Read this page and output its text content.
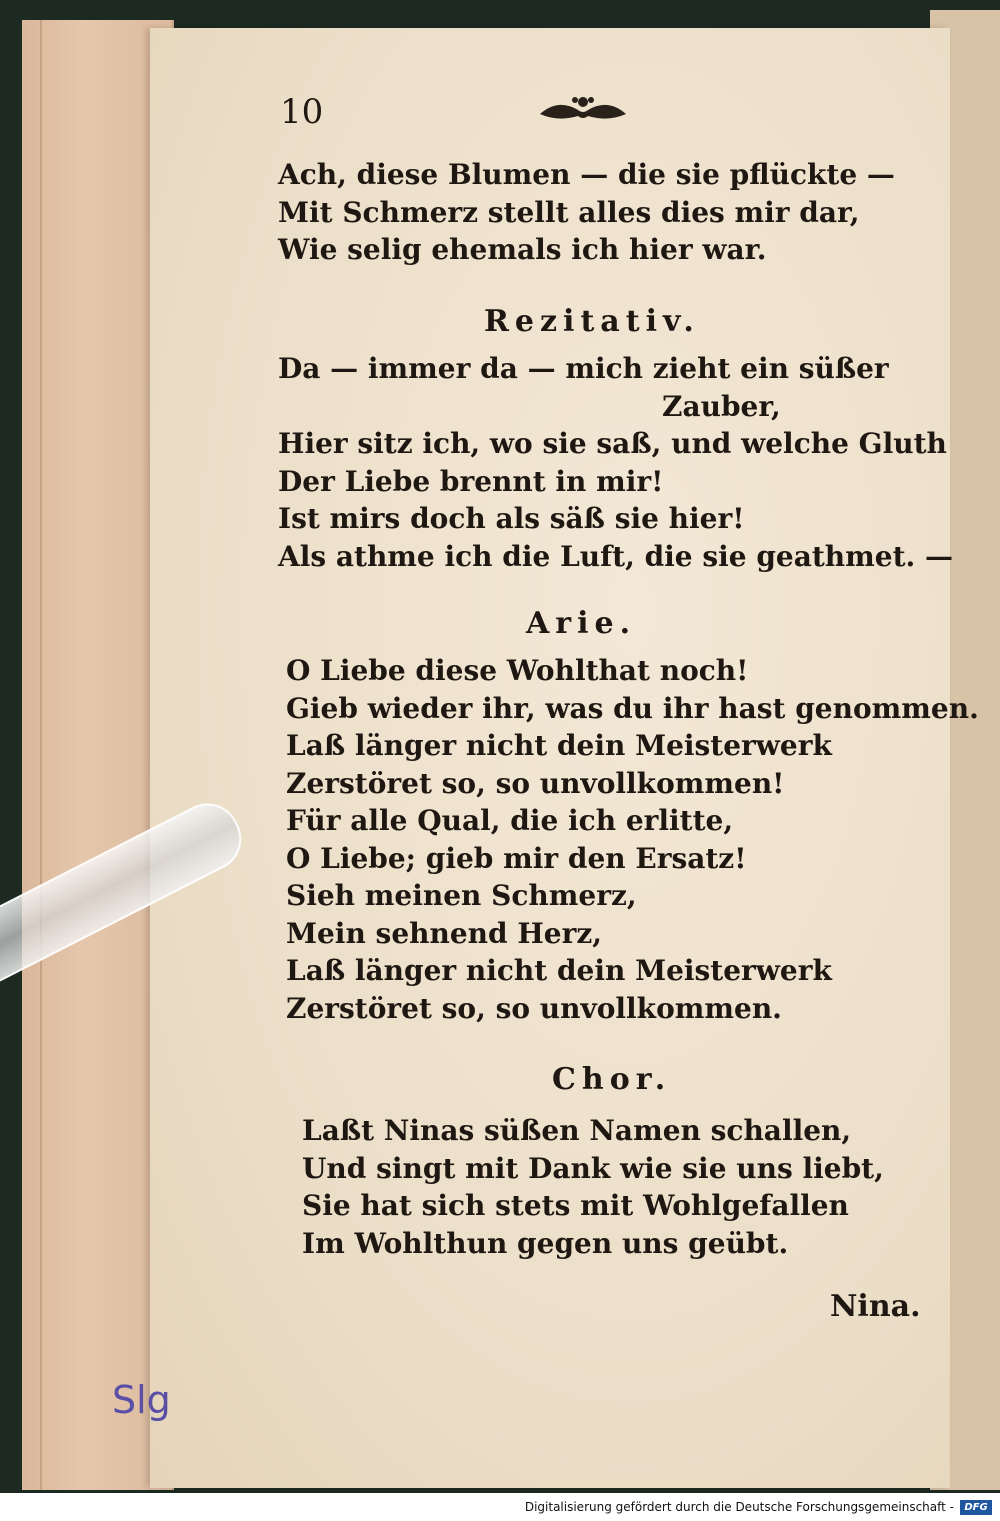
10

Ach, diese Blumen — die sie pflückte —
Mit Schmerz stellt alles dies mir dar,
Wie selig ehemals ich hier war.

Rezitativ.

Da — immer da — mich zieht ein süßer
Zauber,
Hier sitz ich, wo sie saß, und welche Gluth
Der Liebe brennt in mir!
Ist mirs doch als säß sie hier!
Als athme ich die Luft, die sie geathmet. —

Arie.

O Liebe diese Wohlthat noch!
Gieb wieder ihr, was du ihr hast genommen.
Laß länger nicht dein Meisterwerk
Zerstöret so, so unvollkommen!
Für alle Qual, die ich erlitte,
O Liebe; gieb mir den Ersatz!
Sieh meinen Schmerz,
Mein sehnend Herz,
Laß länger nicht dein Meisterwerk
Zerstöret so, so unvollkommen.

Chor.

Laßt Ninas süßen Namen schallen,
Und singt mit Dank wie sie uns liebt,
Sie hat sich stets mit Wohlgefallen
Im Wohlthun gegen uns geübt.

Nina.

Slg

Digitalisierung gefördert durch die Deutsche Forschungsgemeinschaft -	DFG
